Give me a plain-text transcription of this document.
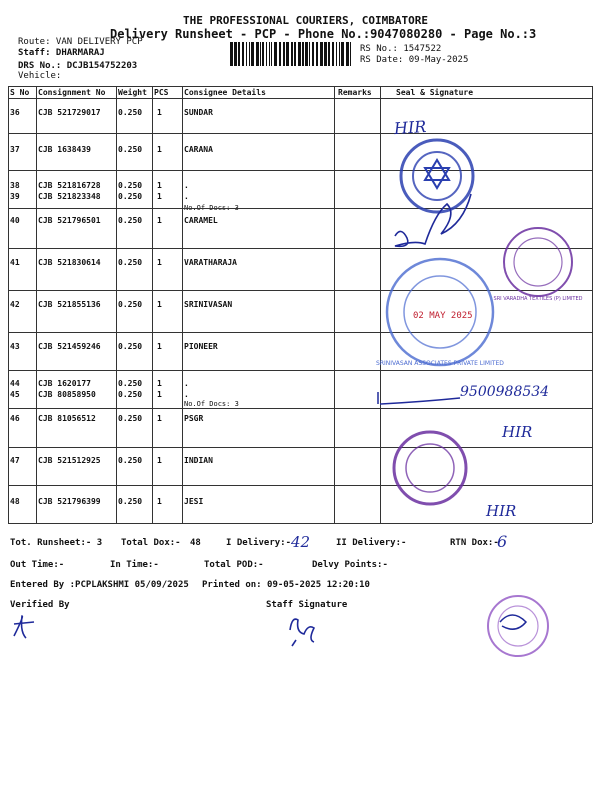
THE PROFESSIONAL COURIERS, COIMBATORE
Delivery Runsheet - PCP - Phone No.:9047080280 - Page No.:3
Route: VAN DELIVERY PCP
Staff: DHARMARAJ
DRS No.: DCJB154752203
Vehicle:
RS No.: 1547522
RS Date: 09-May-2025
S No Consignment No Weight PCS Consignee Details	Remarks	Seal & Signature
36 CJB 521729017 0.250 1	SUNDAR
37 CJB 1638439	0.250 1	CARANA
38 CJB 521816728 0.250 1	.
39 CJB 521823348 0.250 1	.
40 CJB 521796501 0.250 1	CARAMEL
41 CJB 521830614 0.250 1	VARATHARAJA
42 CJB 521855136 0.250 1	SRINIVASAN
43 CJB 521459246 0.250 1	PIONEER
44 CJB 1620177	0.250 1	.
45 CJB 80858950	0.250 1	.
46 CJB 81056512	0.250 1	PSGR
47 CJB 521512925 0.250 1	INDIAN
48 CJB 521796399 0.250 1	JESI
No.Of Docs: 3
No.Of Docs: 3
Tot. Runsheet:- 3 Total Dox:- 48	I Delivery:- 42	II Delivery:-	RTN Dox:-
6
Out Time:-	In Time:-	Total POD:-	Delvy Points:-
Entered By :PCPLAKSHMI 05/09/2025 Printed on: 09-05-2025 12:20:10
Verified By	Staff Signature
02 MAY 2025
SRINIVASAN ASSOCIATES PRIVATE LIMITED
SRI VARADHA TEXTILES (P) LIMITED
HIR
HIR
HIR
9500988534
